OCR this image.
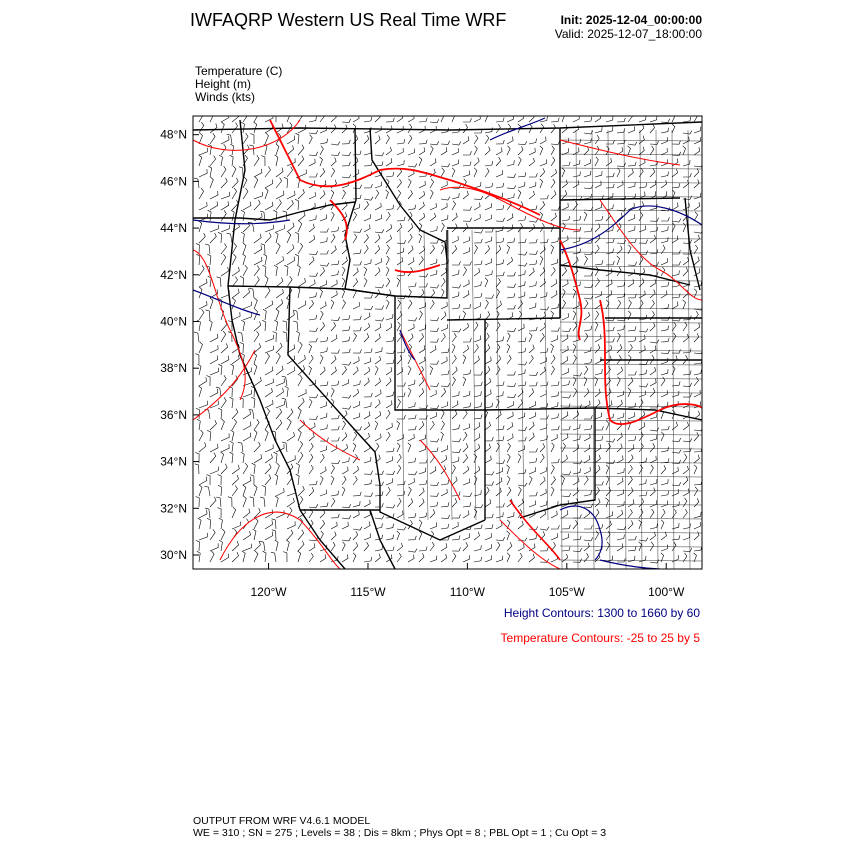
IWFAQRP Western US Real Time WRF	Init: 2025-12-04_00:00:00
Valid: 2025-12-07_18:00:00
Temperature (C)
Height (m)
Winds (kts)
30°N
32°N
34°N
36°N
38°N
40°N
42°N
44°N
46°N
48°N
120°W	115°W	110°W	105°W	100°W
Height Contours: 1300 to 1660 by 60
Temperature Contours: -25 to 25 by 5
OUTPUT FROM WRF V4.6.1 MODEL
WE = 310 ; SN = 275 ; Levels = 38 ; Dis = 8km ; Phys Opt = 8 ; PBL Opt = 1 ; Cu Opt = 3
